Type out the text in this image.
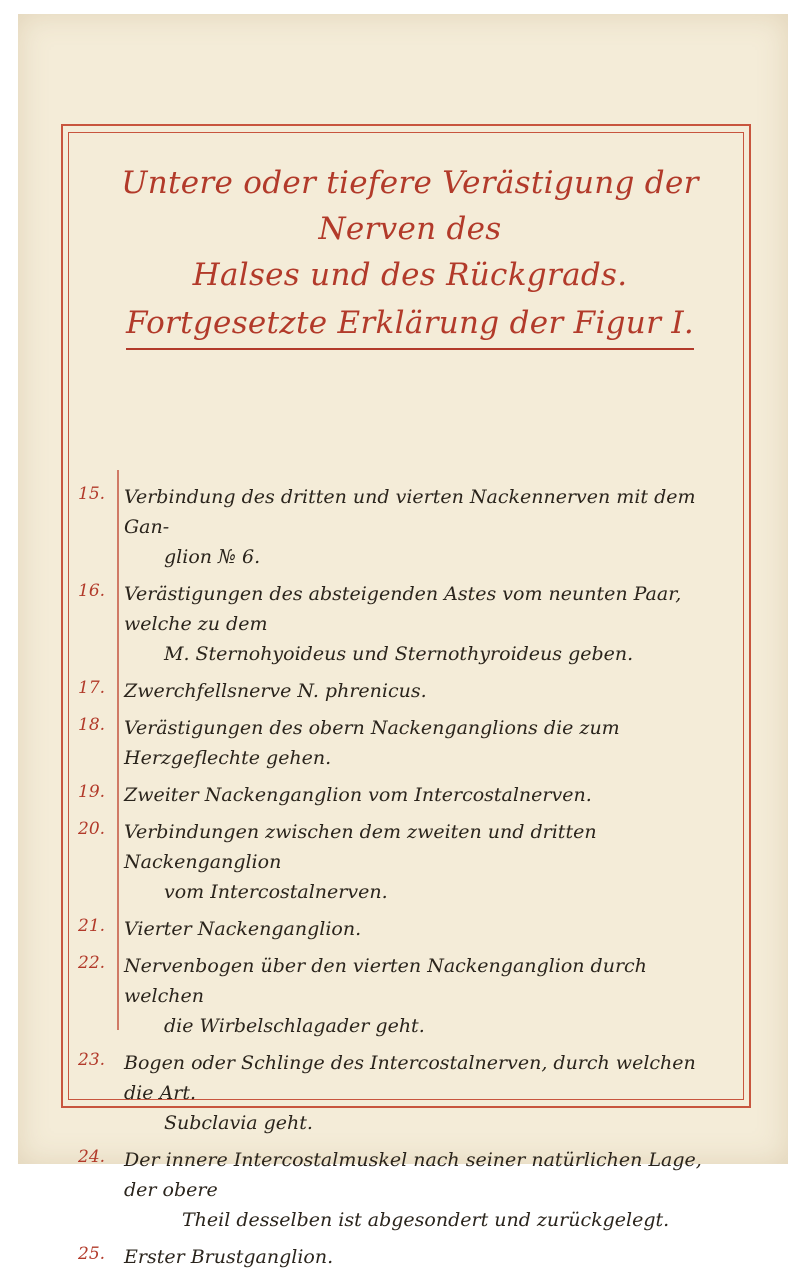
Untere oder tiefere Verästigung der Nerven des
Halses und des Rückgrads.
Fortgesetzte Erklärung der Figur I.
15. Verbindung des dritten und vierten Nackennerven mit dem Gan-
glion № 6.
16. Verästigungen des absteigenden Astes vom neunten Paar, welche zu dem
M. Sternohyoideus und Sternothyroideus geben.
17. Zwerchfellsnerve N. phrenicus.
18. Verästigungen des obern Nackenganglions die zum Herzgeflechte gehen.
19. Zweiter Nackenganglion vom Intercostalnerven.
20. Verbindungen zwischen dem zweiten und dritten Nackenganglion
vom Intercostalnerven.
21. Vierter Nackenganglion.
22. Nervenbogen über den vierten Nackenganglion durch welchen
die Wirbelschlagader geht.
23. Bogen oder Schlinge des Intercostalnerven, durch welchen die Art.
Subclavia geht.
24. Der innere Intercostalmuskel nach seiner natürlichen Lage, der obere
Theil desselben ist abgesondert und zurückgelegt.
25. Erster Brustganglion.
